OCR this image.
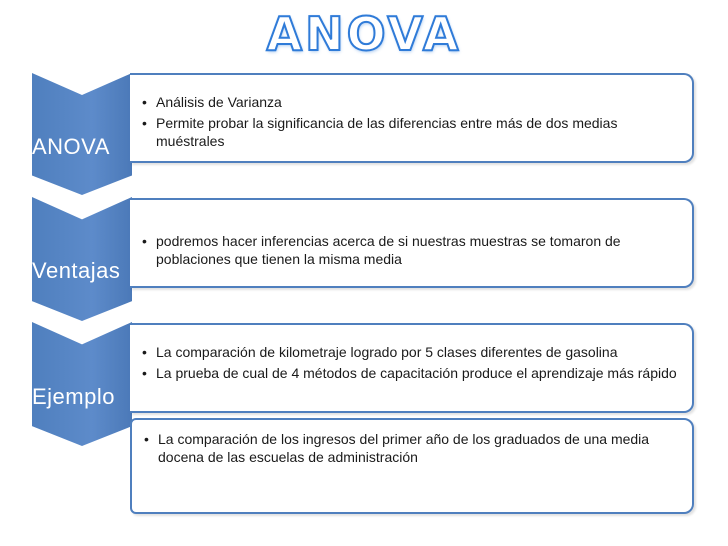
ANOVA
ANOVA
• Análisis de Varianza
• Permite probar la significancia de las diferencias entre más de dos medias muéstrales
Ventajas
• podremos hacer inferencias acerca de si nuestras muestras se tomaron de poblaciones que tienen la misma media
Ejemplo
• La comparación de kilometraje logrado por 5 clases diferentes de gasolina
• La prueba de cual de 4 métodos de capacitación produce el aprendizaje más rápido
• La comparación de los ingresos del primer año de los graduados de una media docena de las escuelas de administración
